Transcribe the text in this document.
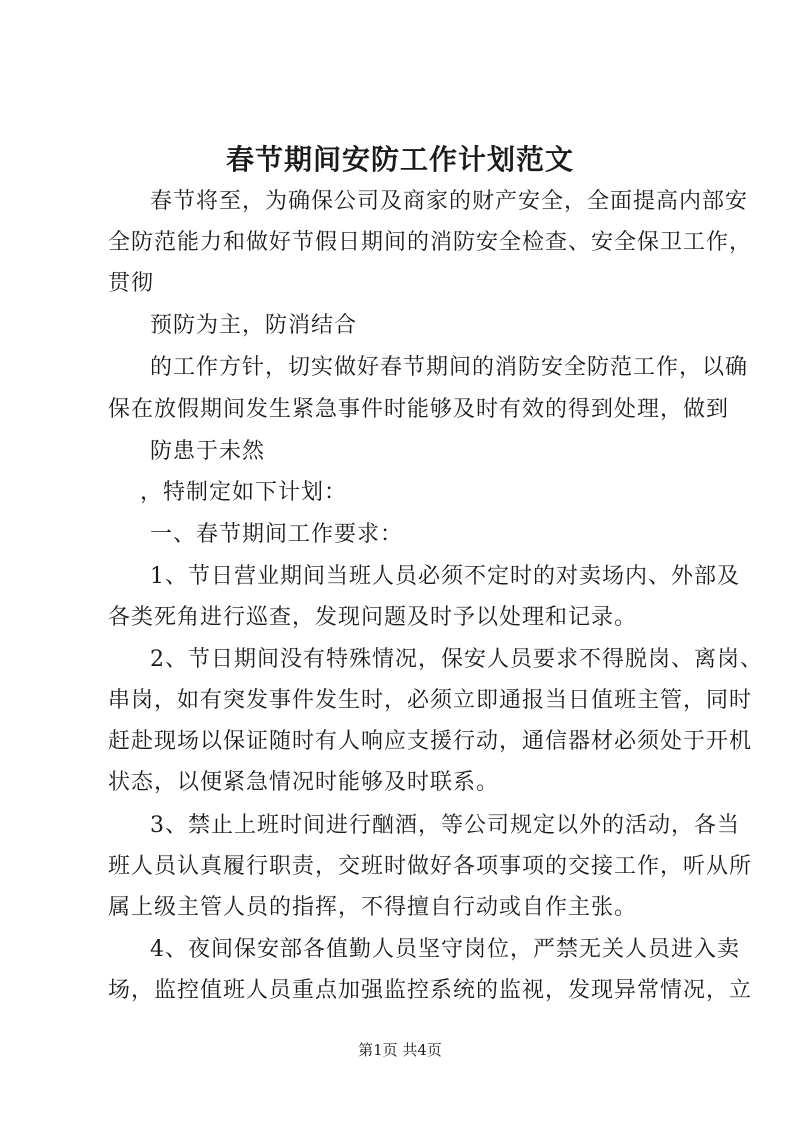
春节期间安防工作计划范文
春节将至，为确保公司及商家的财产安全，全面提高内部安
全防范能力和做好节假日期间的消防安全检查、安全保卫工作，
贯彻
预防为主，防消结合
的工作方针，切实做好春节期间的消防安全防范工作，以确
保在放假期间发生紧急事件时能够及时有效的得到处理，做到
防患于未然
，特制定如下计划：
一、春节期间工作要求：
1、节日营业期间当班人员必须不定时的对卖场内、外部及
各类死角进行巡查，发现问题及时予以处理和记录。
2、节日期间没有特殊情况，保安人员要求不得脱岗、离岗、
串岗，如有突发事件发生时，必须立即通报当日值班主管，同时
赶赴现场以保证随时有人响应支援行动，通信器材必须处于开机
状态，以便紧急情况时能够及时联系。
3、禁止上班时间进行酗酒，等公司规定以外的活动，各当
班人员认真履行职责，交班时做好各项事项的交接工作，听从所
属上级主管人员的指挥，不得擅自行动或自作主张。
4、夜间保安部各值勤人员坚守岗位，严禁无关人员进入卖
场，监控值班人员重点加强监控系统的监视，发现异常情况，立
第1页 共4页
